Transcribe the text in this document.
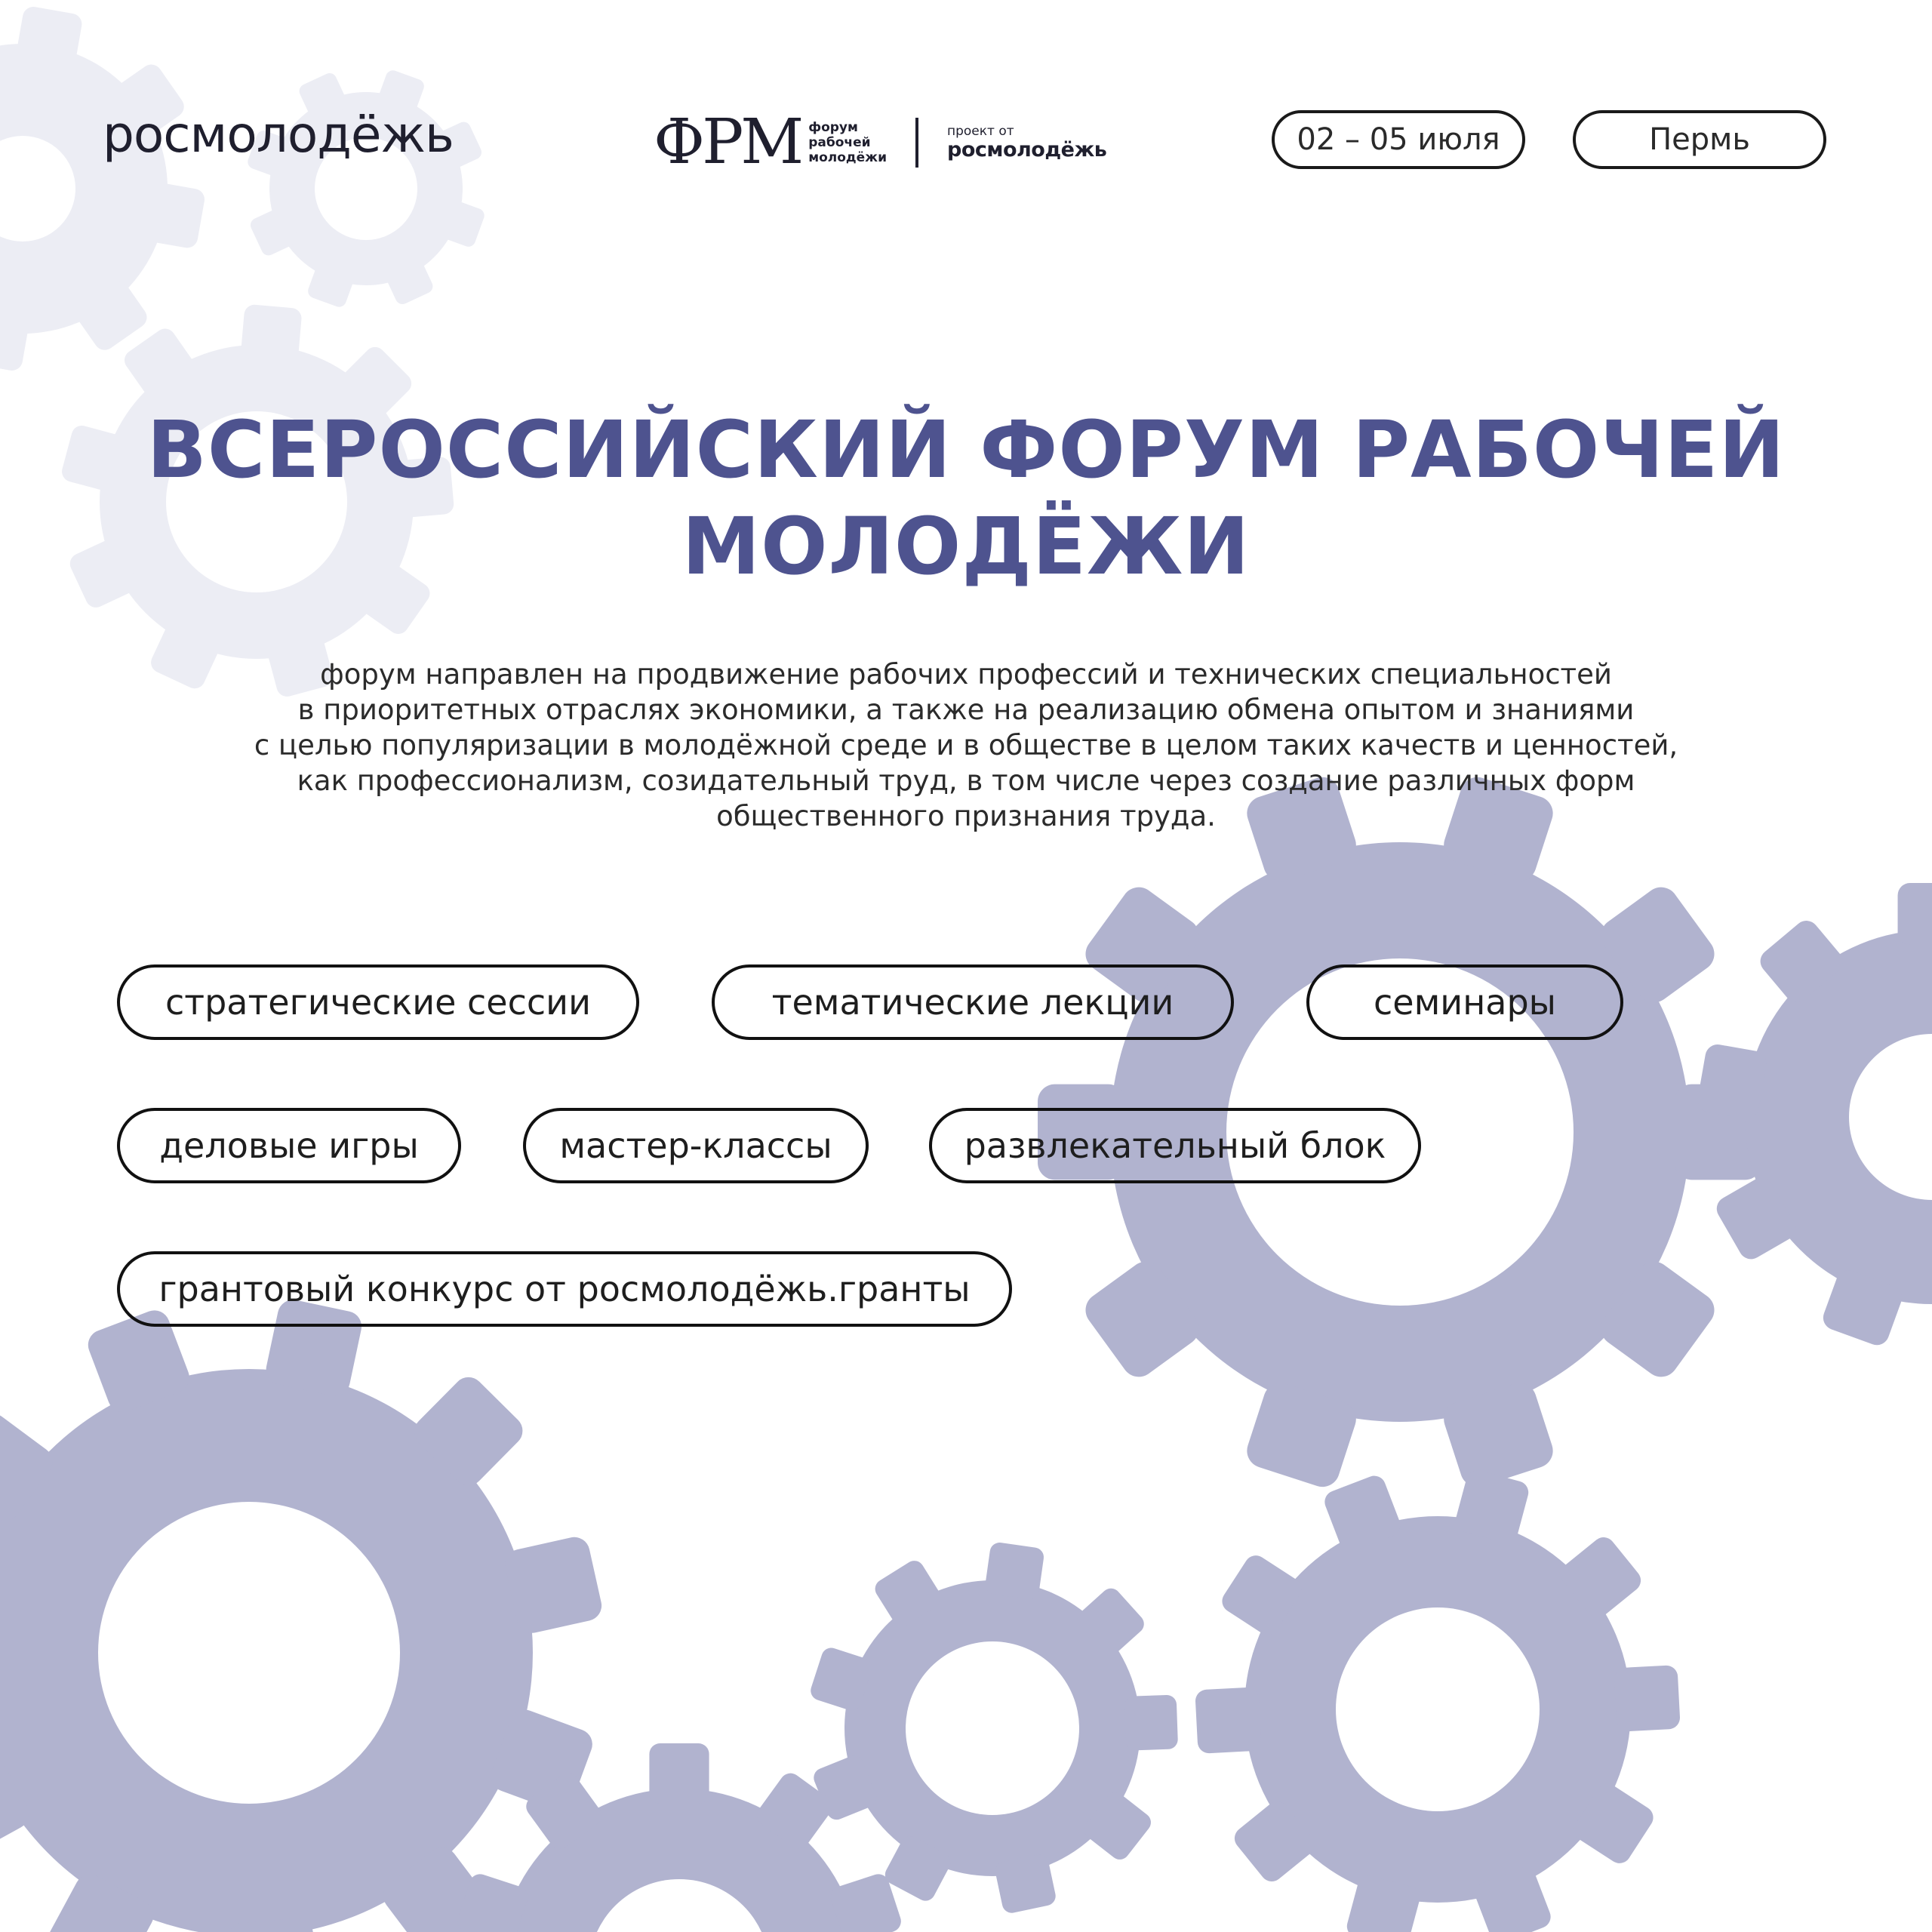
росмолодёжь	ФРМ форум
рабочей
молодёжи
проект от
росмолодёжь	02 – 05 июля	Пермь
ВСЕРОССИЙСКИЙ ФОРУМ РАБОЧЕЙ
МОЛОДЁЖИ
форум направлен на продвижение рабочих профессий и технических специальностей
в приоритетных отраслях экономики, а также на реализацию обмена опытом и знаниями
с целью популяризации в молодёжной среде и в обществе в целом таких качеств и ценностей,
как профессионализм, созидательный труд, в том числе через создание различных форм
общественного признания труда.
стратегические сессии	тематические лекции	семинары
деловые игры	мастер-классы	развлекательный блок
грантовый конкурс от росмолодёжь.гранты
